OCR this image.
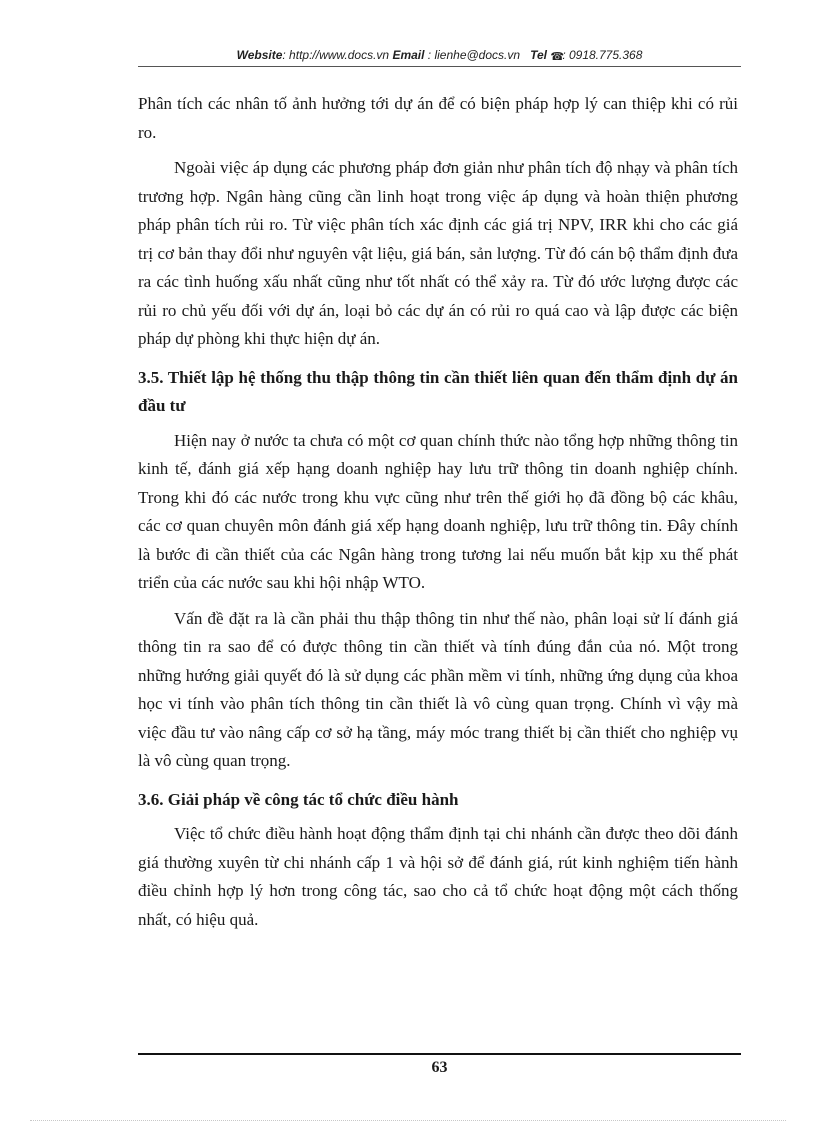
Website: http://www.docs.vn Email : lienhe@docs.vn Tel ☎: 0918.775.368

Phân tích các nhân tố ảnh hưởng tới dự án để có biện pháp hợp lý can thiệp khi có rủi ro.

Ngoài việc áp dụng các phương pháp đơn giản như phân tích độ nhạy và phân tích trương hợp. Ngân hàng cũng cần linh hoạt trong việc áp dụng và hoàn thiện phương pháp phân tích rủi ro. Từ việc phân tích xác định các giá trị NPV, IRR khi cho các giá trị cơ bản thay đổi như nguyên vật liệu, giá bán, sản lượng. Từ đó cán bộ thẩm định đưa ra các tình huống xấu nhất cũng như tốt nhất có thể xảy ra. Từ đó ước lượng được các rủi ro chủ yếu đối với dự án, loại bỏ các dự án có rủi ro quá cao và lập được các biện pháp dự phòng khi thực hiện dự án.

3.5. Thiết lập hệ thống thu thập thông tin cần thiết liên quan đến thẩm định dự án đầu tư

Hiện nay ở nước ta chưa có một cơ quan chính thức nào tổng hợp những thông tin kinh tế, đánh giá xếp hạng doanh nghiệp hay lưu trữ thông tin doanh nghiệp chính. Trong khi đó các nước trong khu vực cũng như trên thế giới họ đã đồng bộ các khâu, các cơ quan chuyên môn đánh giá xếp hạng doanh nghiệp, lưu trữ thông tin. Đây chính là bước đi cần thiết của các Ngân hàng trong tương lai nếu muốn bắt kịp xu thế phát triển của các nước sau khi hội nhập WTO.

Vấn đề đặt ra là cần phải thu thập thông tin như thế nào, phân loại sử lí đánh giá thông tin ra sao để có được thông tin cần thiết và tính đúng đắn của nó. Một trong những hướng giải quyết đó là sử dụng các phần mềm vi tính, những ứng dụng của khoa học vi tính vào phân tích thông tin cần thiết là vô cùng quan trọng. Chính vì vậy mà việc đầu tư vào nâng cấp cơ sở hạ tầng, máy móc trang thiết bị cần thiết cho nghiệp vụ là vô cùng quan trọng.

3.6. Giải pháp về công tác tổ chức điều hành

Việc tổ chức điều hành hoạt động thẩm định tại chi nhánh cần được theo dõi đánh giá thường xuyên từ chi nhánh cấp 1 và hội sở để đánh giá, rút kinh nghiệm tiến hành điều chỉnh hợp lý hơn trong công tác, sao cho cả tổ chức hoạt động một cách thống nhất, có hiệu quả.

63
